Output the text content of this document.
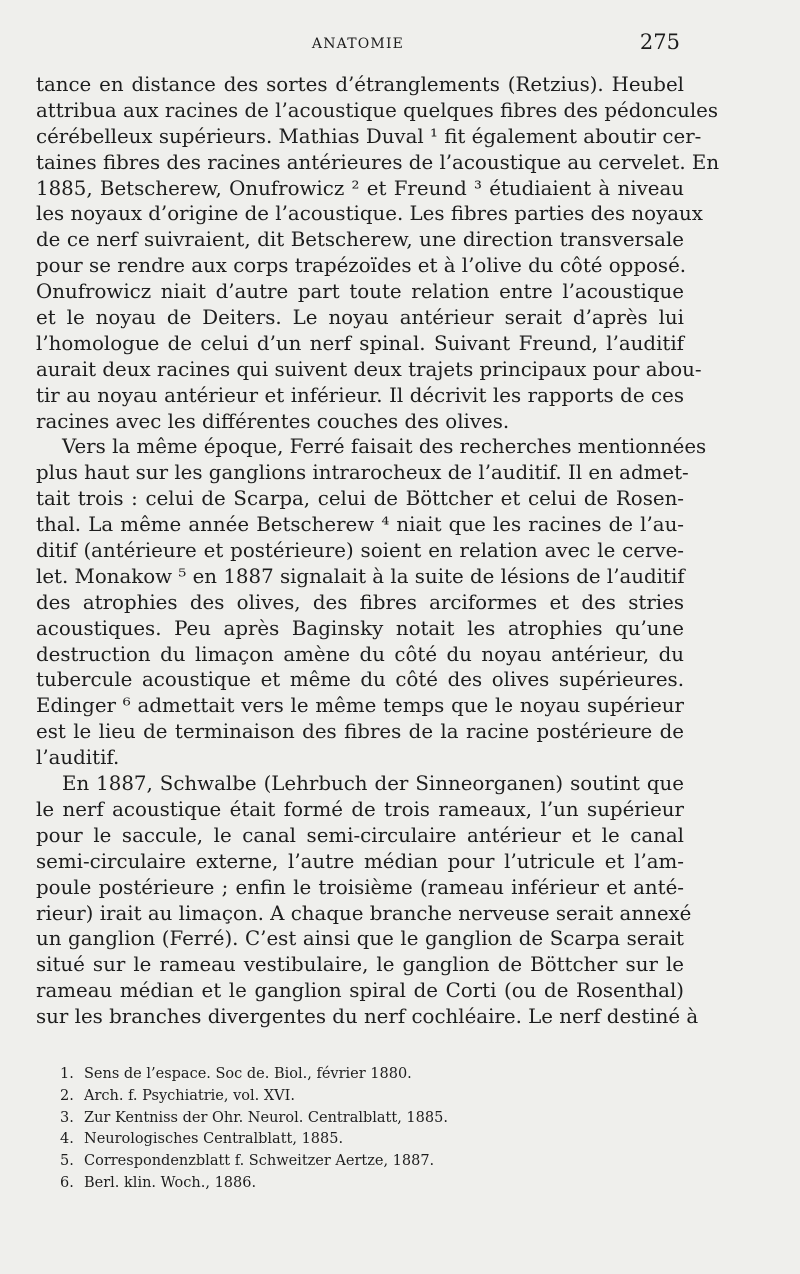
ANATOMIE	275
tance en distance des sortes d’étranglements (Retzius). Heubel
attribua aux racines de l’acoustique quelques fibres des pédoncules
cérébelleux supérieurs. Mathias Duval ¹ fit également aboutir cer-
taines fibres des racines antérieures de l’acoustique au cervelet. En
1885, Betscherew, Onufrowicz ² et Freund ³ étudiaient à niveau
les noyaux d’origine de l’acoustique. Les fibres parties des noyaux
de ce nerf suivraient, dit Betscherew, une direction transversale
pour se rendre aux corps trapézoïdes et à l’olive du côté opposé.
Onufrowicz niait d’autre part toute relation entre l’acoustique
et le noyau de Deiters. Le noyau antérieur serait d’après lui
l’homologue de celui d’un nerf spinal. Suivant Freund, l’auditif
aurait deux racines qui suivent deux trajets principaux pour abou-
tir au noyau antérieur et inférieur. Il décrivit les rapports de ces
racines avec les différentes couches des olives.
Vers la même époque, Ferré faisait des recherches mentionnées
plus haut sur les ganglions intrarocheux de l’auditif. Il en admet-
tait trois : celui de Scarpa, celui de Böttcher et celui de Rosen-
thal. La même année Betscherew ⁴ niait que les racines de l’au-
ditif (antérieure et postérieure) soient en relation avec le cerve-
let. Monakow ⁵ en 1887 signalait à la suite de lésions de l’auditif
des atrophies des olives, des fibres arciformes et des stries
acoustiques. Peu après Baginsky notait les atrophies qu’une
destruction du limaçon amène du côté du noyau antérieur, du
tubercule acoustique et même du côté des olives supérieures.
Edinger ⁶ admettait vers le même temps que le noyau supérieur
est le lieu de terminaison des fibres de la racine postérieure de
l’auditif.
En 1887, Schwalbe (Lehrbuch der Sinneorganen) soutint que
le nerf acoustique était formé de trois rameaux, l’un supérieur
pour le saccule, le canal semi-circulaire antérieur et le canal
semi-circulaire externe, l’autre médian pour l’utricule et l’am-
poule postérieure ; enfin le troisième (rameau inférieur et anté-
rieur) irait au limaçon. A chaque branche nerveuse serait annexé
un ganglion (Ferré). C’est ainsi que le ganglion de Scarpa serait
situé sur le rameau vestibulaire, le ganglion de Böttcher sur le
rameau médian et le ganglion spiral de Corti (ou de Rosenthal)
sur les branches divergentes du nerf cochléaire. Le nerf destiné à
1. Sens de l’espace. Soc de. Biol., février 1880.
2. Arch. f. Psychiatrie, vol. XVI.
3. Zur Kentniss der Ohr. Neurol. Centralblatt, 1885.
4. Neurologisches Centralblatt, 1885.
5. Correspondenzblatt f. Schweitzer Aertze, 1887.
6. Berl. klin. Woch., 1886.
